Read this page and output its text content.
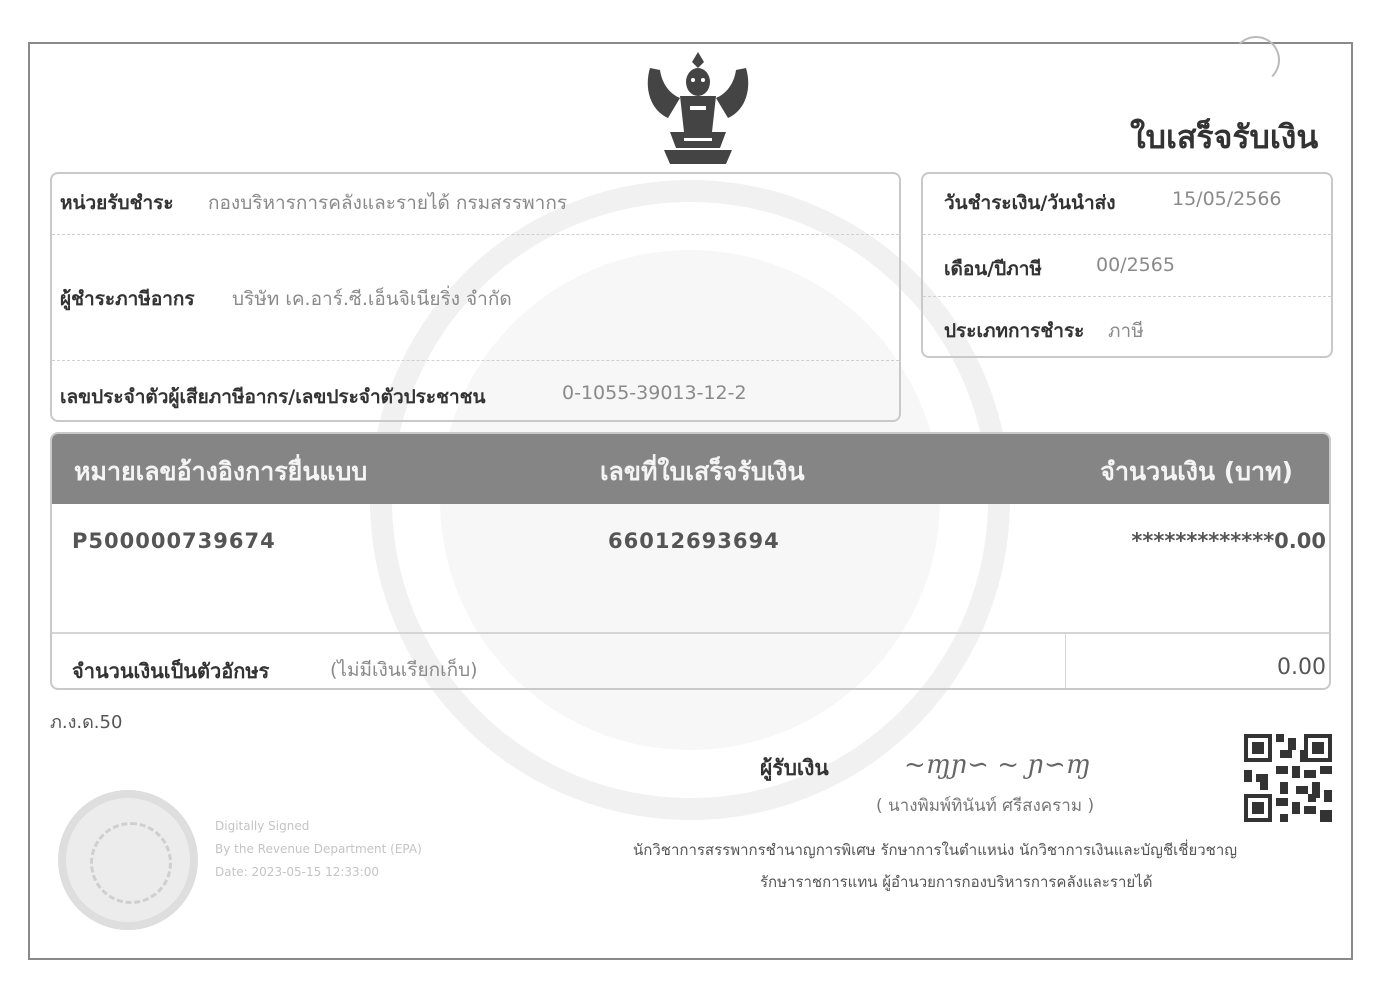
ใบเสร็จรับเงิน
หน่วยรับชำระ กองบริหารการคลังและรายได้ กรมสรรพากร
ผู้ชำระภาษีอากร บริษัท เค.อาร์.ซี.เอ็นจิเนียริ่ง จำกัด
เลขประจำตัวผู้เสียภาษีอากร/เลขประจำตัวประชาชน	0-1055-39013-12-2
วันชำระเงิน/วันนำส่ง	15/05/2566
เดือน/ปีภาษี	00/2565
ประเภทการชำระ ภาษี
หมายเลขอ้างอิงการยื่นแบบ	เลขที่ใบเสร็จรับเงิน	จำนวนเงิน (บาท)
P500000739674	66012693694	*************0.00
จำนวนเงินเป็นตัวอักษร	(ไม่มีเงินเรียกเก็บ)	0.00
ภ.ง.ด.50
ผู้รับเงิน	~ɱɲ∽ ~ ɲ∽ɱ
( นางพิมพ์ทินันท์ ศรีสงคราม )
นักวิชาการสรรพากรชำนาญการพิเศษ รักษาการในตำแหน่ง นักวิชาการเงินและบัญชีเชี่ยวชาญ
รักษาราชการแทน ผู้อำนวยการกองบริหารการคลังและรายได้
Digitally Signed
By the Revenue Department (EPA)
Date: 2023-05-15 12:33:00
